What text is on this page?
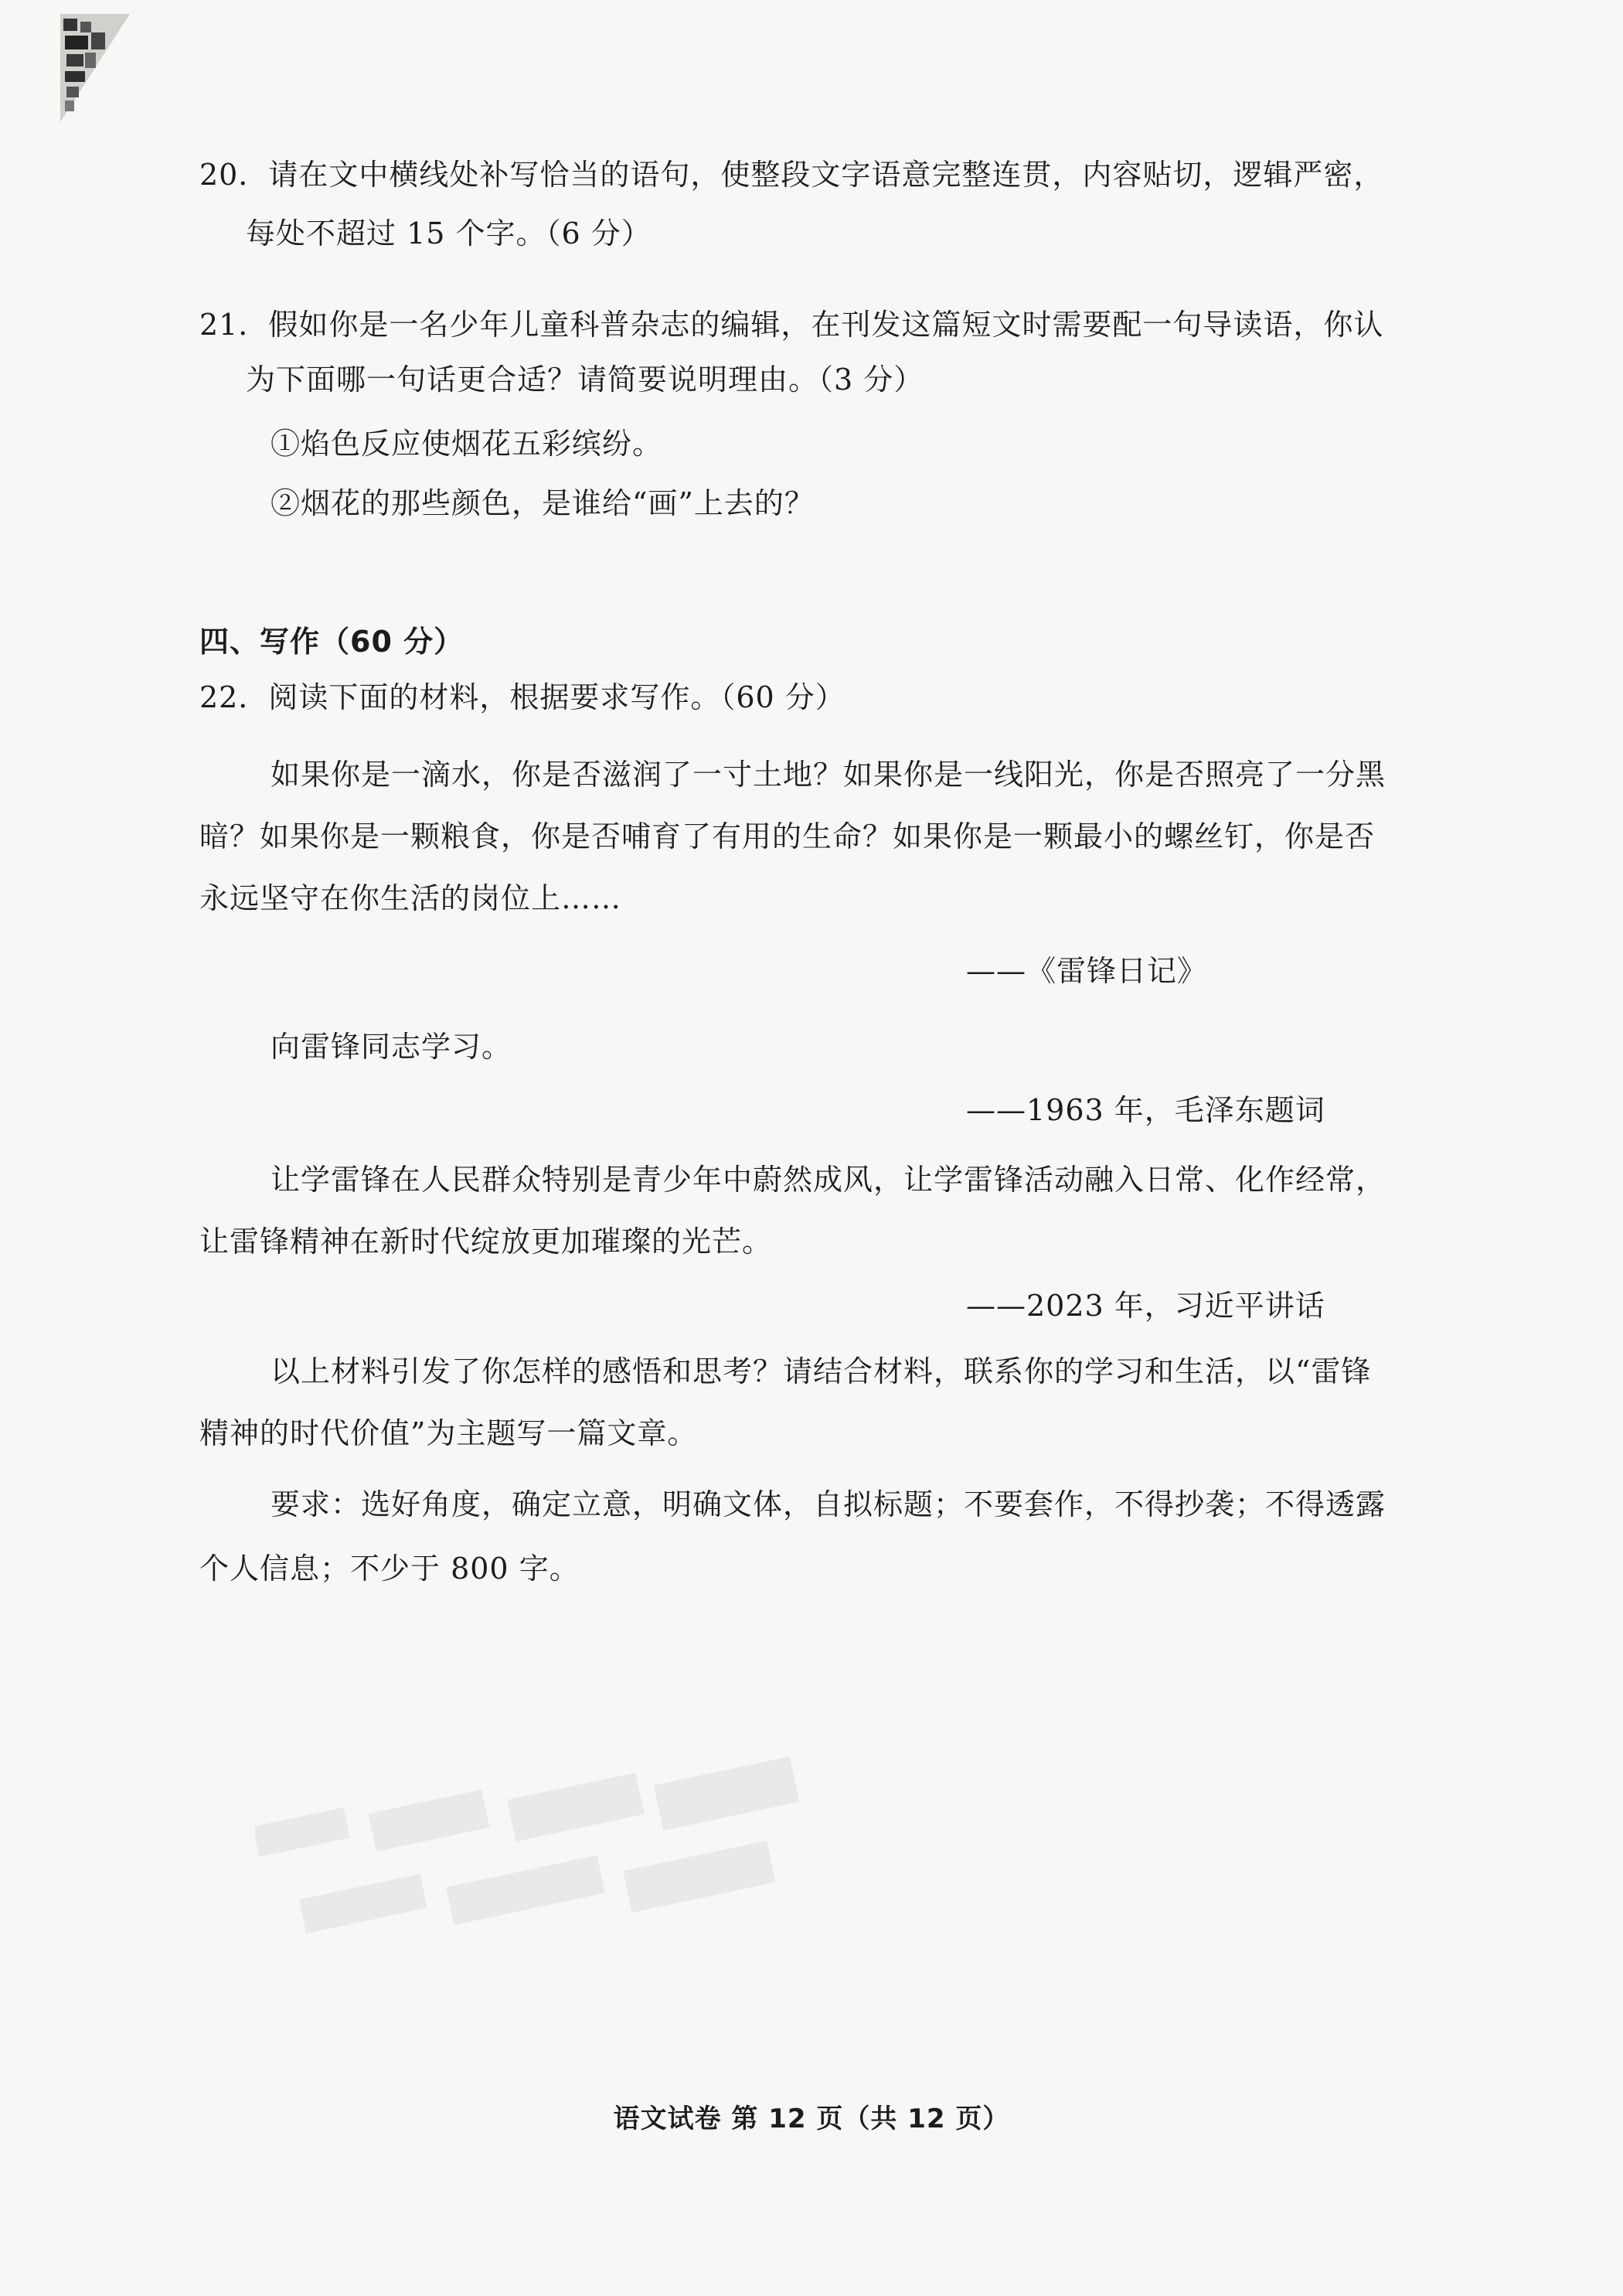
20．请在文中横线处补写恰当的语句，使整段文字语意完整连贯，内容贴切，逻辑严密，
每处不超过 15 个字。（6 分）
21．假如你是一名少年儿童科普杂志的编辑，在刊发这篇短文时需要配一句导读语，你认
为下面哪一句话更合适？请简要说明理由。（3 分）
①焰色反应使烟花五彩缤纷。
②烟花的那些颜色，是谁给“画”上去的？
四、写作（60 分）
22．阅读下面的材料，根据要求写作。（60 分）
如果你是一滴水，你是否滋润了一寸土地？如果你是一线阳光，你是否照亮了一分黑
暗？如果你是一颗粮食，你是否哺育了有用的生命？如果你是一颗最小的螺丝钉，你是否
永远坚守在你生活的岗位上……
——《雷锋日记》
向雷锋同志学习。
——1963 年，毛泽东题词
让学雷锋在人民群众特别是青少年中蔚然成风，让学雷锋活动融入日常、化作经常，
让雷锋精神在新时代绽放更加璀璨的光芒。
——2023 年，习近平讲话
以上材料引发了你怎样的感悟和思考？请结合材料，联系你的学习和生活，以“雷锋
精神的时代价值”为主题写一篇文章。
要求：选好角度，确定立意，明确文体，自拟标题；不要套作，不得抄袭；不得透露
个人信息；不少于 800 字。
语文试卷 第 12 页（共 12 页）
